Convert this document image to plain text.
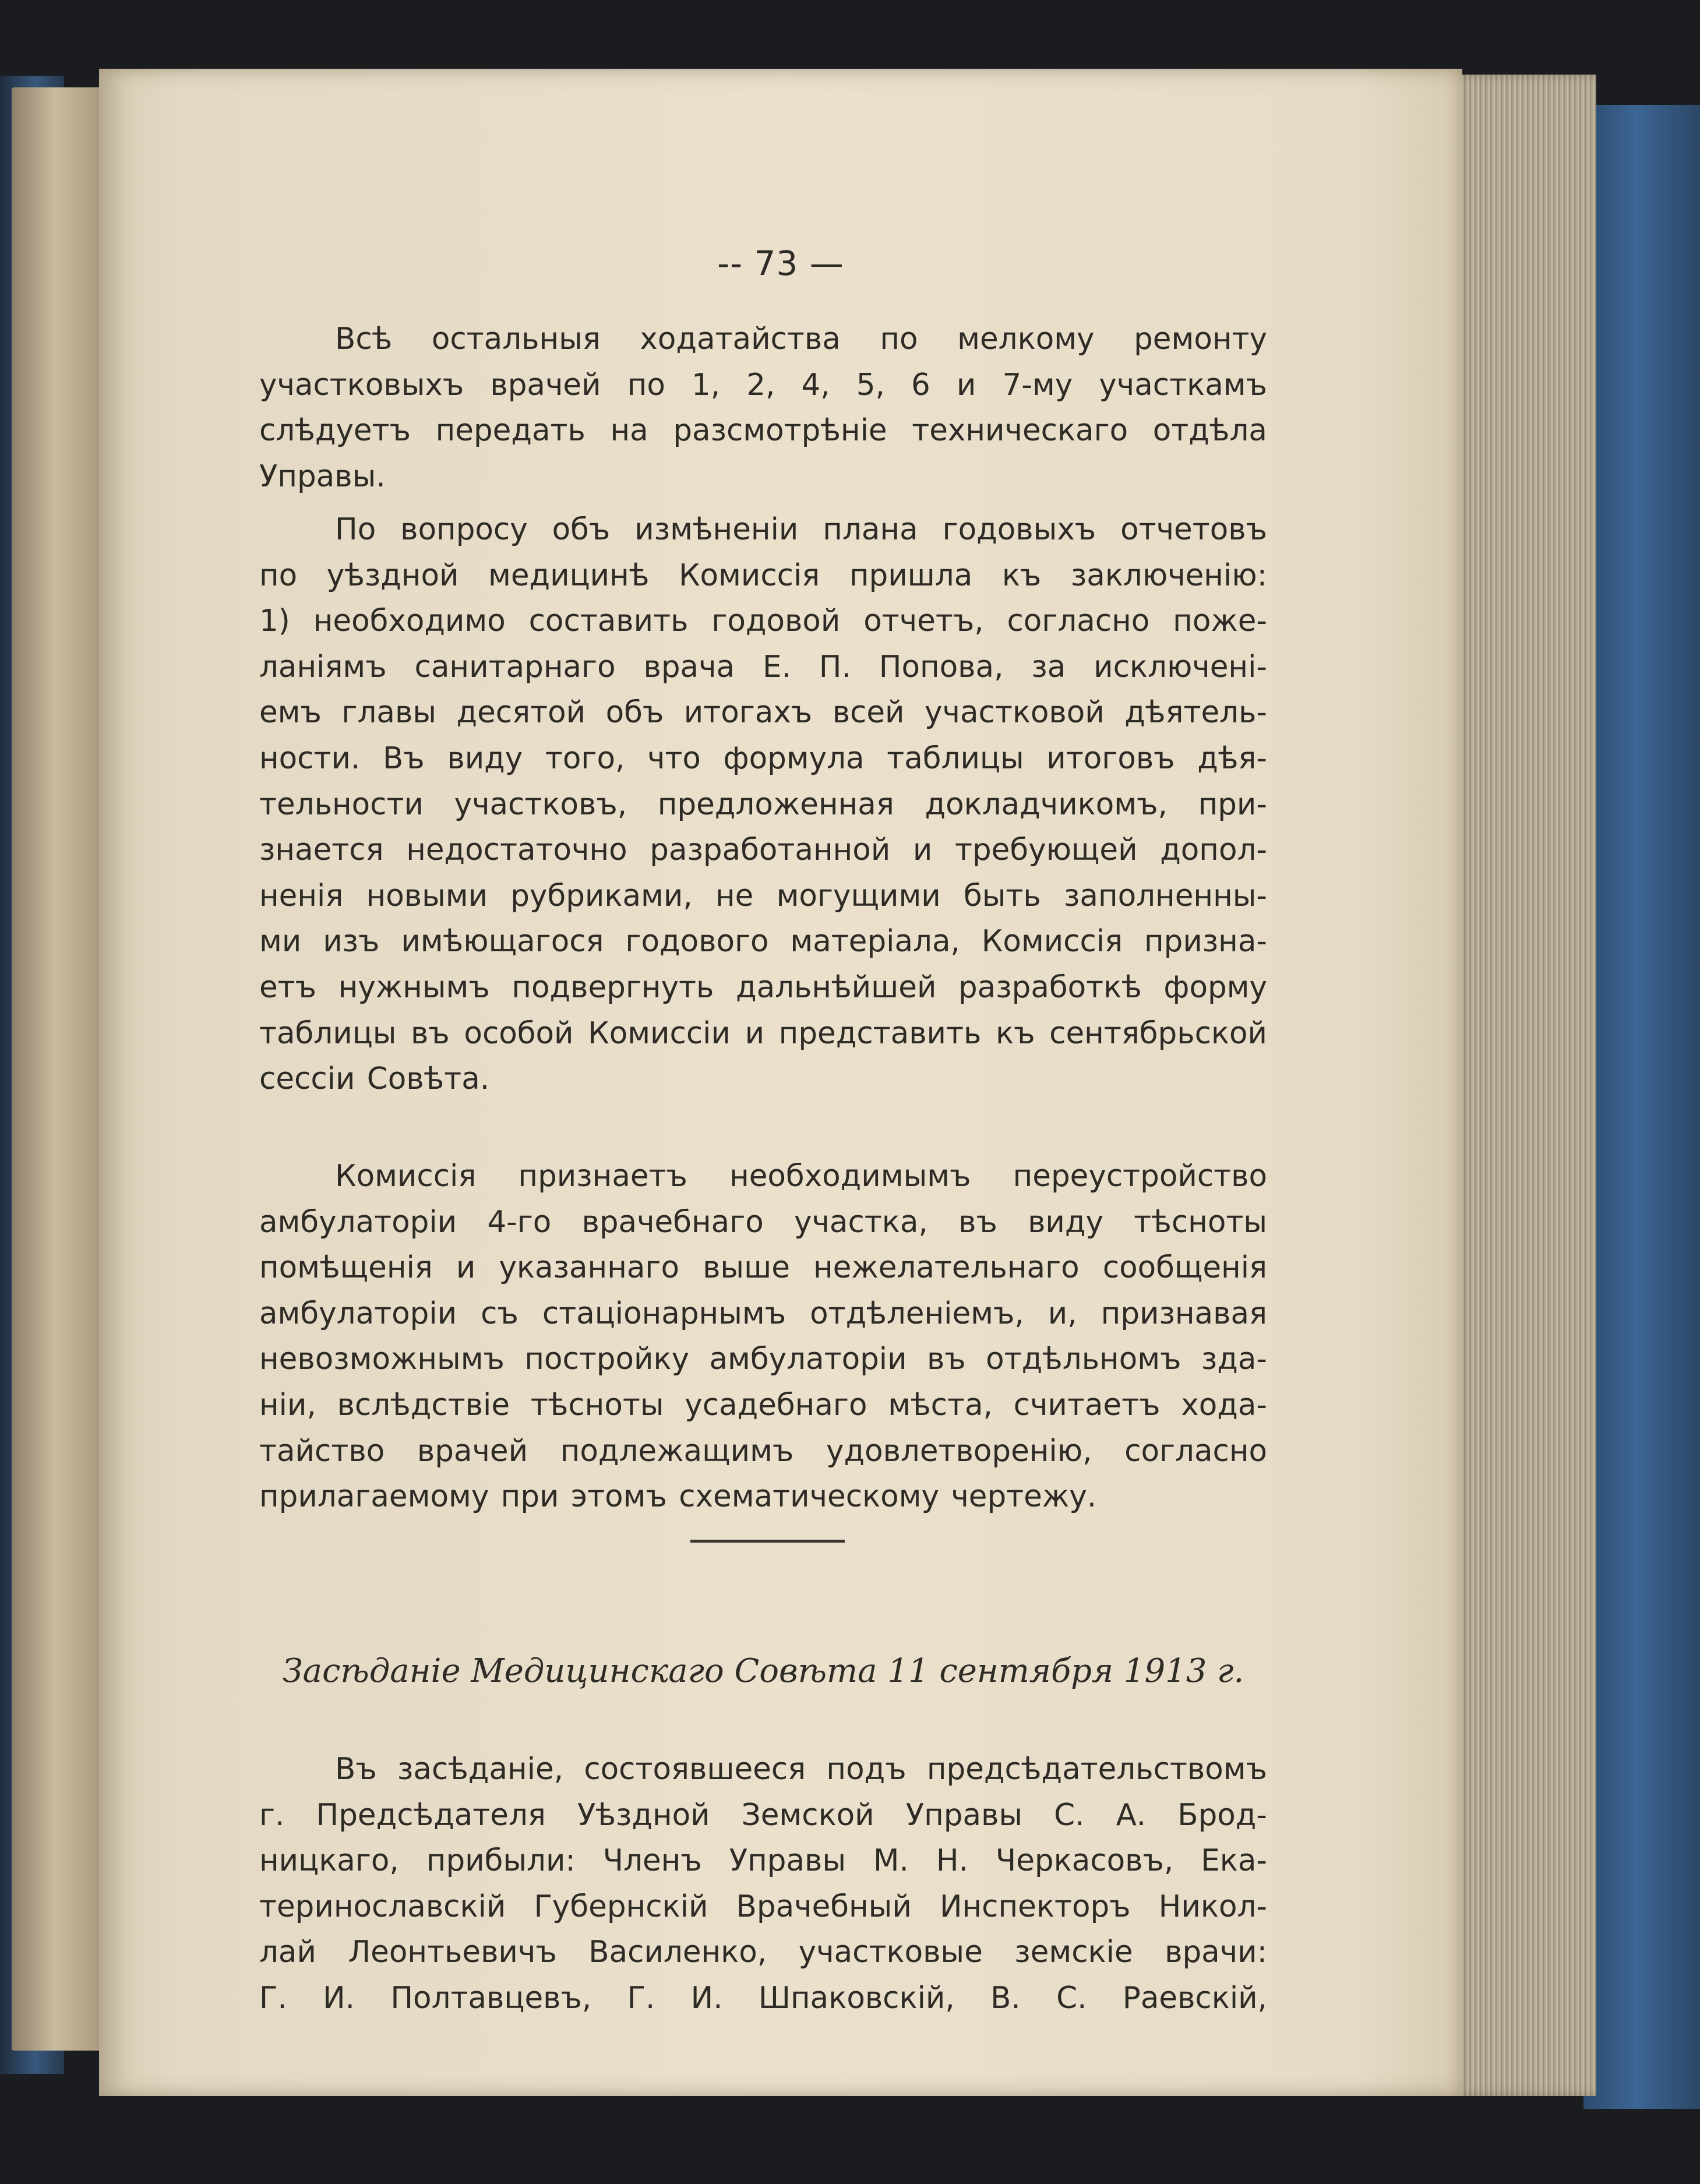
-- 73 —
Всѣ остальныя ходатайства по мелкому ремонту
участковыхъ врачей по 1, 2, 4, 5, 6 и 7-му участкамъ
слѣдуетъ передать на разсмотрѣніе техническаго отдѣла
Управы.
По вопросу объ измѣненіи плана годовыхъ отчетовъ
по уѣздной медицинѣ Комиссія пришла къ заключенію:
1) необходимо составить годовой отчетъ, согласно поже-
ланіямъ санитарнаго врача Е. П. Попова, за исключені-
емъ главы десятой объ итогахъ всей участковой дѣятель-
ности. Въ виду того, что формула таблицы итоговъ дѣя-
тельности участковъ, предложенная докладчикомъ, при-
знается недостаточно разработанной и требующей допол-
ненія новыми рубриками, не могущими быть заполненны-
ми изъ имѣющагося годового матеріала, Комиссія призна-
етъ нужнымъ подвергнуть дальнѣйшей разработкѣ форму
таблицы въ особой Комиссіи и представить къ сентябрьской
сессіи Совѣта.
Комиссія признаетъ необходимымъ переустройство
амбулаторіи 4-го врачебнаго участка, въ виду тѣсноты
помѣщенія и указаннаго выше нежелательнаго сообщенія
амбулаторіи съ стаціонарнымъ отдѣленіемъ, и, признавая
невозможнымъ постройку амбулаторіи въ отдѣльномъ зда-
ніи, вслѣдствіе тѣсноты усадебнаго мѣста, считаетъ хода-
тайство врачей подлежащимъ удовлетворенію, согласно
прилагаемому при этомъ схематическому чертежу.
Засѣданіе Медицинскаго Совѣта 11 сентября 1913 г.
Въ засѣданіе, состоявшееся подъ предсѣдательствомъ
г. Предсѣдателя Уѣздной Земской Управы С. А. Брод-
ницкаго, прибыли: Членъ Управы М. Н. Черкасовъ, Ека-
теринославскій Губернскій Врачебный Инспекторъ Никол-
лай Леонтьевичъ Василенко, участковые земскіе врачи:
Г. И. Полтавцевъ, Г. И. Шпаковскій, В. С. Раевскій,
